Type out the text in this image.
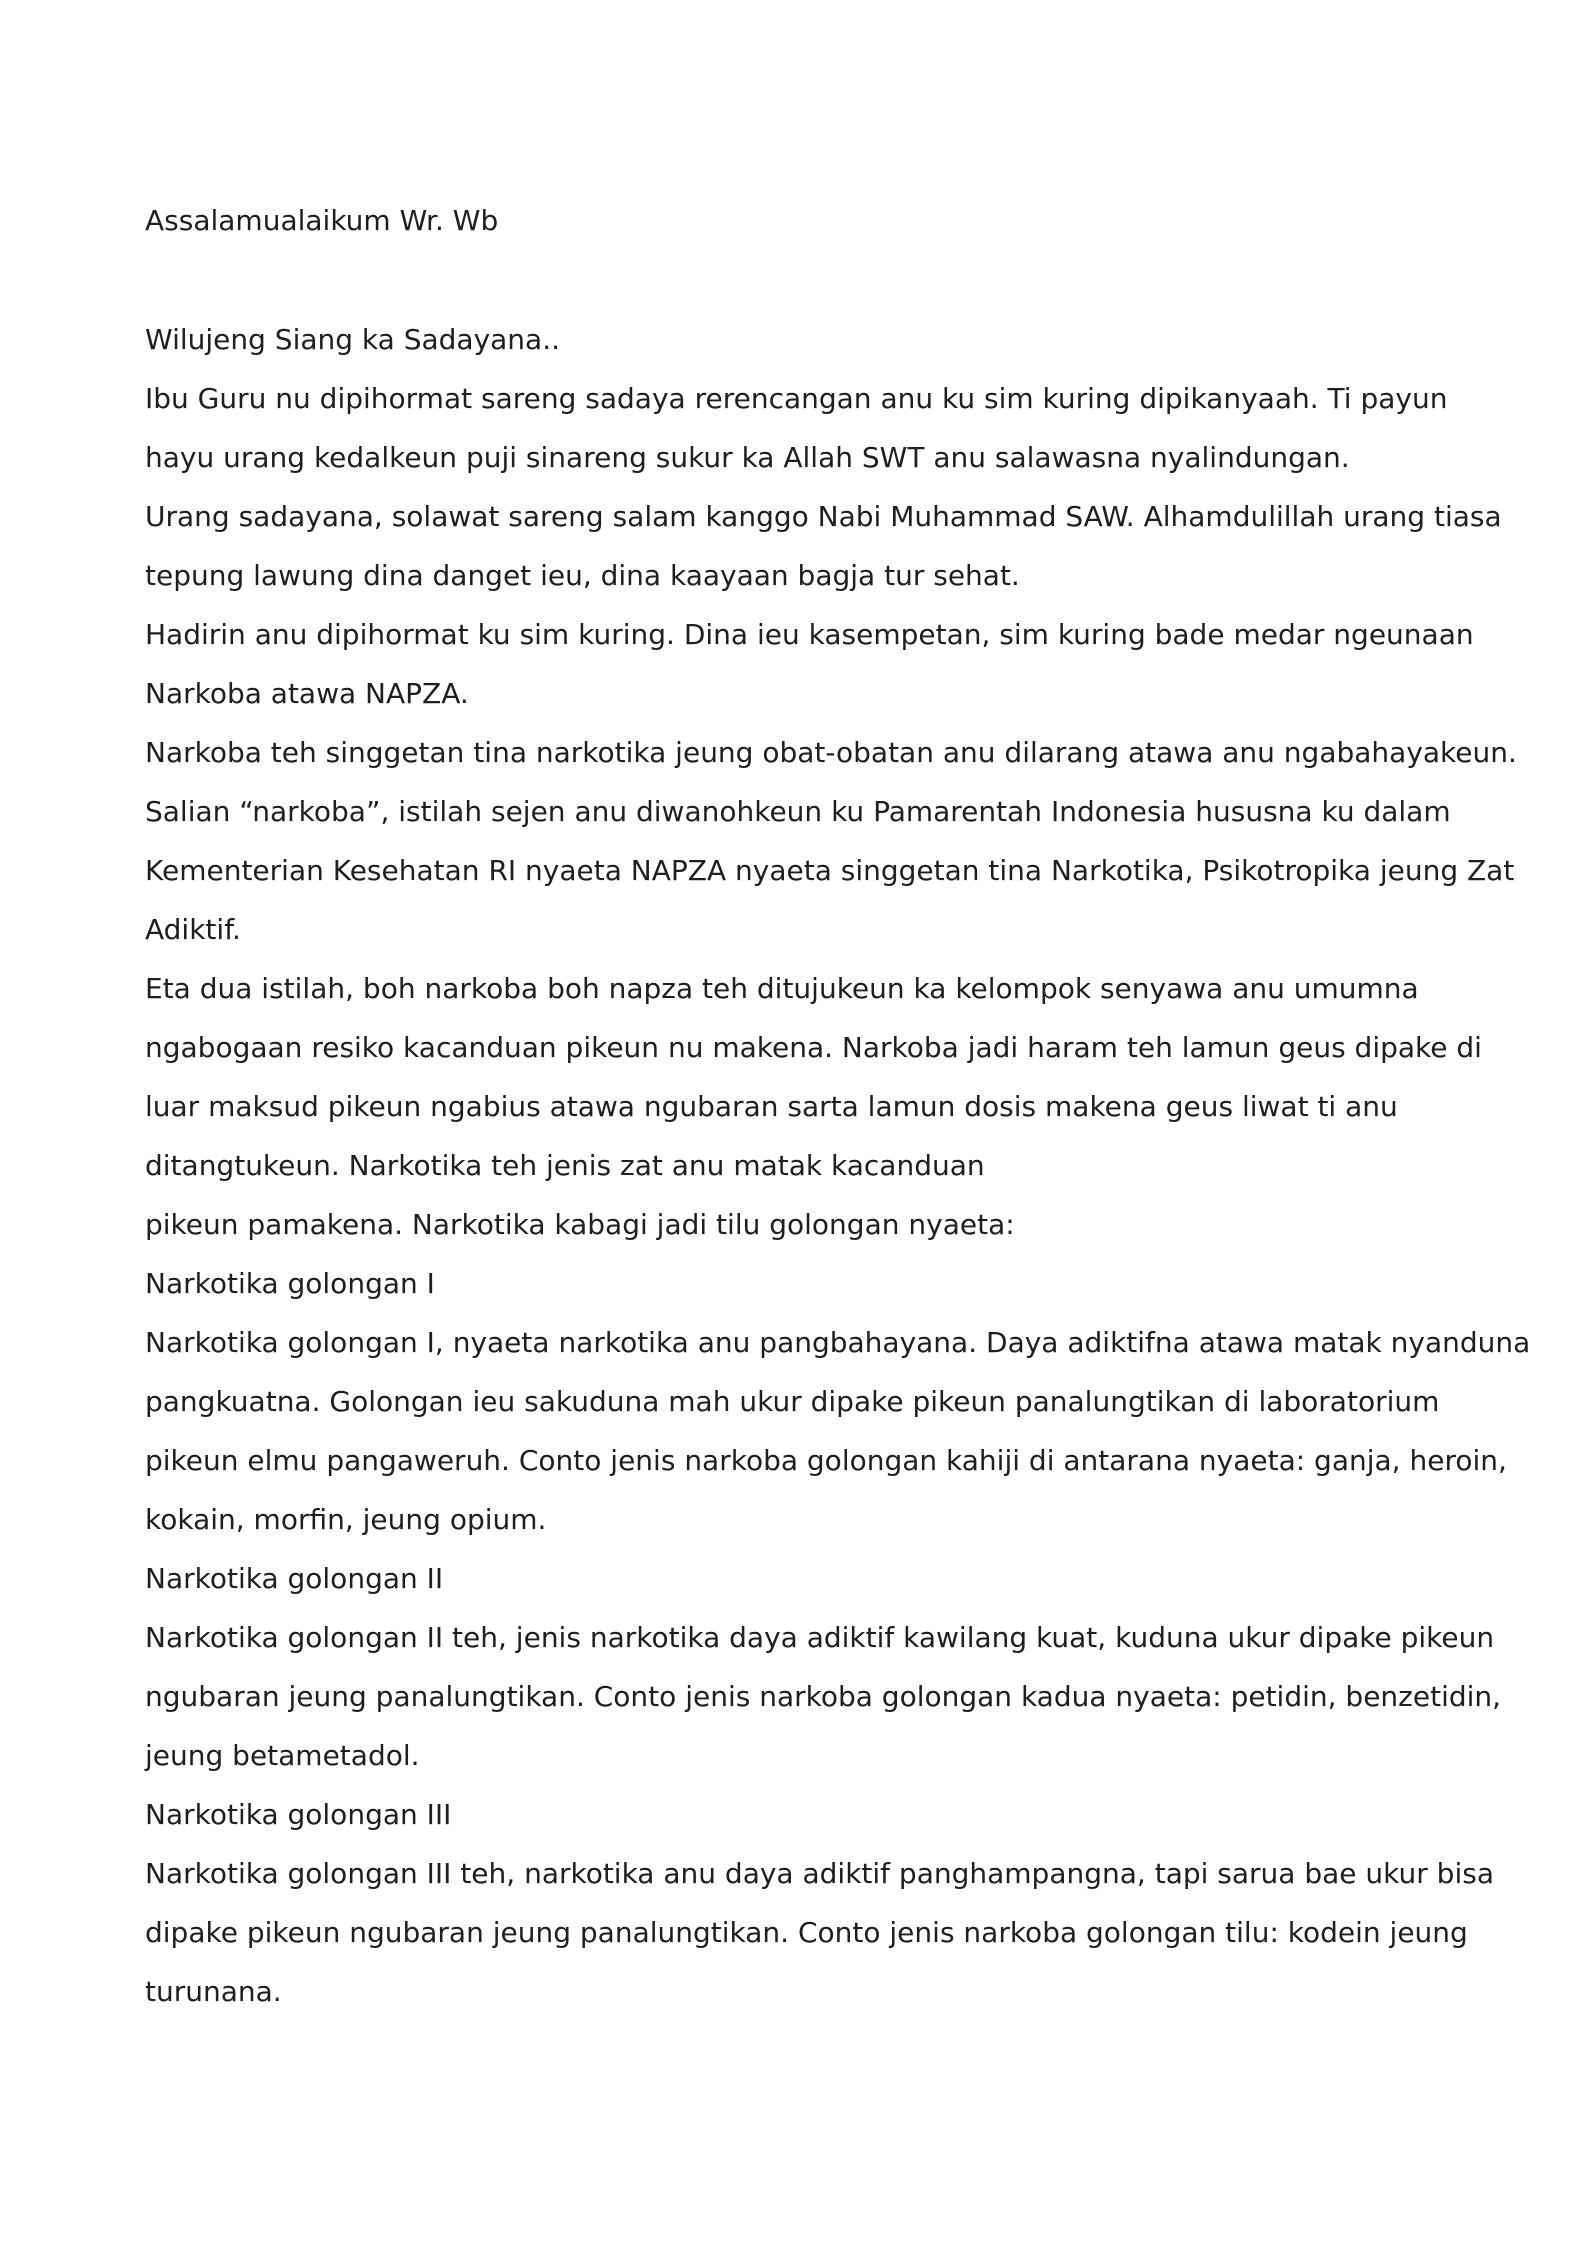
Assalamualaikum Wr. Wb

Wilujeng Siang ka Sadayana..
Ibu Guru nu dipihormat sareng sadaya rerencangan anu ku sim kuring dipikanyaah. Ti payun
hayu urang kedalkeun puji sinareng sukur ka Allah SWT anu salawasna nyalindungan.
Urang sadayana, solawat sareng salam kanggo Nabi Muhammad SAW. Alhamdulillah urang tiasa
tepung lawung dina danget ieu, dina kaayaan bagja tur sehat.
Hadirin anu dipihormat ku sim kuring. Dina ieu kasempetan, sim kuring bade medar ngeunaan
Narkoba atawa NAPZA.
Narkoba teh singgetan tina narkotika jeung obat-obatan anu dilarang atawa anu ngabahayakeun.
Salian “narkoba”, istilah sejen anu diwanohkeun ku Pamarentah Indonesia hususna ku dalam
Kementerian Kesehatan RI nyaeta NAPZA nyaeta singgetan tina Narkotika, Psikotropika jeung Zat
Adiktif.
Eta dua istilah, boh narkoba boh napza teh ditujukeun ka kelompok senyawa anu umumna
ngabogaan resiko kacanduan pikeun nu makena. Narkoba jadi haram teh lamun geus dipake di
luar maksud pikeun ngabius atawa ngubaran sarta lamun dosis makena geus liwat ti anu
ditangtukeun. Narkotika teh jenis zat anu matak kacanduan
pikeun pamakena. Narkotika kabagi jadi tilu golongan nyaeta:
Narkotika golongan I
Narkotika golongan I, nyaeta narkotika anu pangbahayana. Daya adiktifna atawa matak nyanduna
pangkuatna. Golongan ieu sakuduna mah ukur dipake pikeun panalungtikan di laboratorium
pikeun elmu pangaweruh. Conto jenis narkoba golongan kahiji di antarana nyaeta: ganja, heroin,
kokain, morfin, jeung opium.
Narkotika golongan II
Narkotika golongan II teh, jenis narkotika daya adiktif kawilang kuat, kuduna ukur dipake pikeun
ngubaran jeung panalungtikan. Conto jenis narkoba golongan kadua nyaeta: petidin, benzetidin,
jeung betametadol.
Narkotika golongan III
Narkotika golongan III teh, narkotika anu daya adiktif panghampangna, tapi sarua bae ukur bisa
dipake pikeun ngubaran jeung panalungtikan. Conto jenis narkoba golongan tilu: kodein jeung
turunana.
